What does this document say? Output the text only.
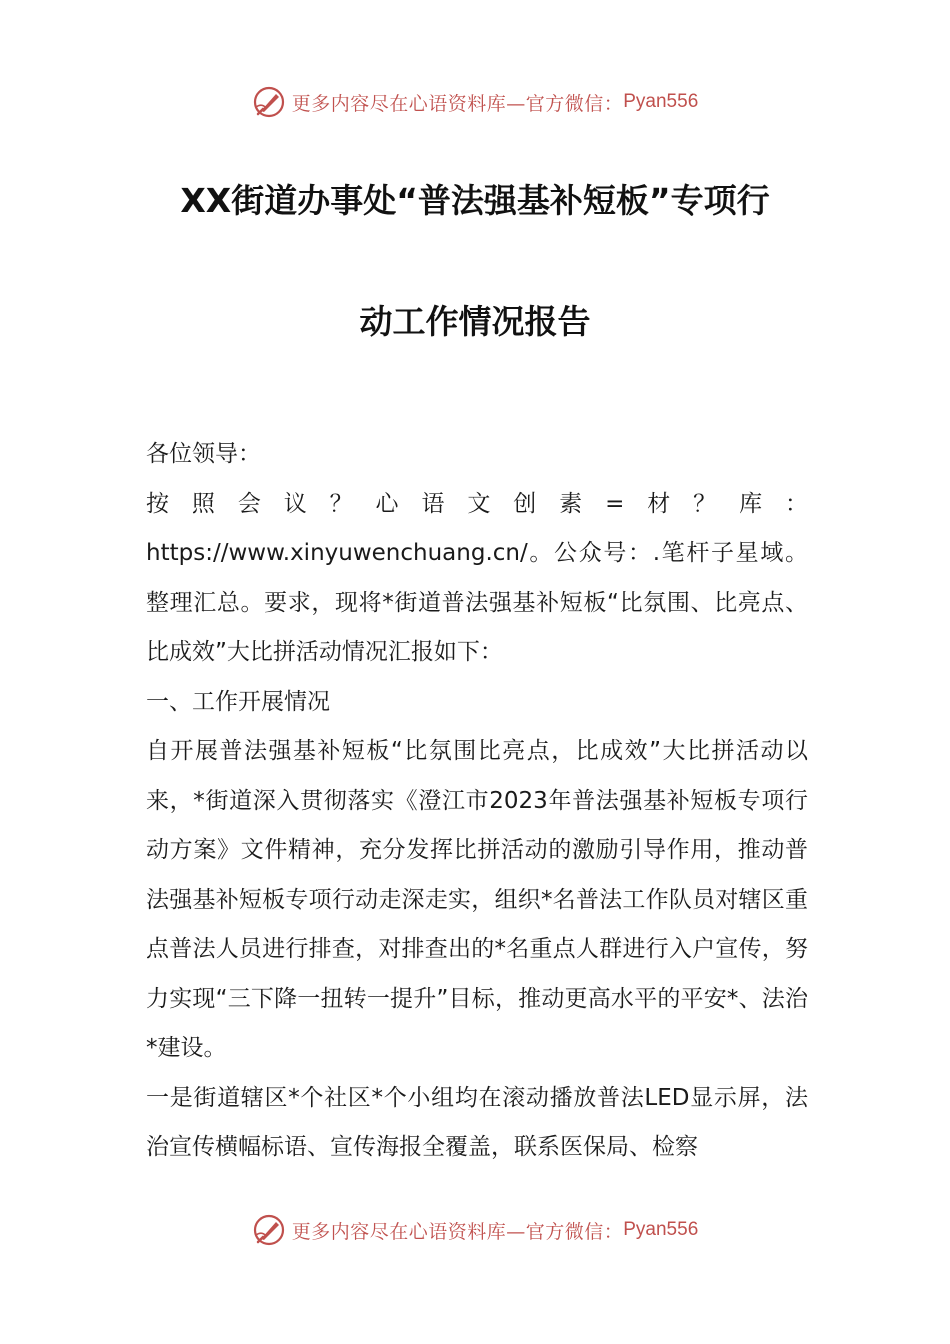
更多内容尽在心语资料库—官方微信： Pyan556
XX街道办事处“普法强基补短板”专项行
动工作情况报告

各位领导：

按照会议？心语文创素=材？库：https://www.xinyuwenchuang.cn/。公众号：.笔杆子星域。整理汇总。要求，现将*街道普法强基补短板“比氛围、比亮点、比成效”大比拼活动情况汇报如下：

一、工作开展情况

自开展普法强基补短板“比氛围比亮点，比成效”大比拼活动以来，*街道深入贯彻落实《澄江市2023年普法强基补短板专项行动方案》文件精神，充分发挥比拼活动的激励引导作用，推动普法强基补短板专项行动走深走实，组织*名普法工作队员对辖区重点普法人员进行排查，对排查出的*名重点人群进行入户宣传，努力实现“三下降一扭转一提升”目标，推动更高水平的平安*、法治*建设。

一是街道辖区*个社区*个小组均在滚动播放普法LED显示屏，法治宣传横幅标语、宣传海报全覆盖，联系医保局、检察

更多内容尽在心语资料库—官方微信： Pyan556
